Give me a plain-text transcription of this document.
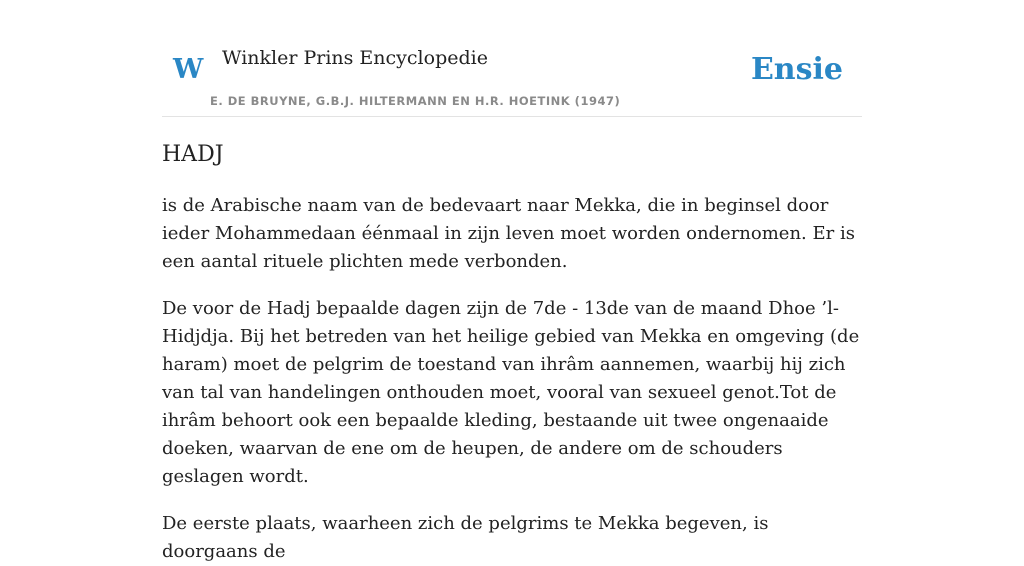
W Winkler Prins Encyclopedie
E. DE BRUYNE, G.B.J. HILTERMANN EN H.R. HOETINK (1947)
Ensie
HADJ

is de Arabische naam van de bedevaart naar Mekka, die in beginsel door ieder Mohammedaan éénmaal in zijn leven moet worden ondernomen. Er is een aantal rituele plichten mede verbonden.

De voor de Hadj bepaalde dagen zijn de 7de - 13de van de maand Dhoe ’l-Hidjdja. Bij het betreden van het heilige gebied van Mekka en omgeving (de haram) moet de pelgrim de toestand van ihrâm aannemen, waarbij hij zich van tal van handelingen onthouden moet, vooral van sexueel genot.Tot de ihrâm behoort ook een bepaalde kleding, bestaande uit twee ongenaaide doeken, waarvan de ene om de heupen, de andere om de schouders geslagen wordt.

De eerste plaats, waarheen zich de pelgrims te Mekka begeven, is doorgaans de
